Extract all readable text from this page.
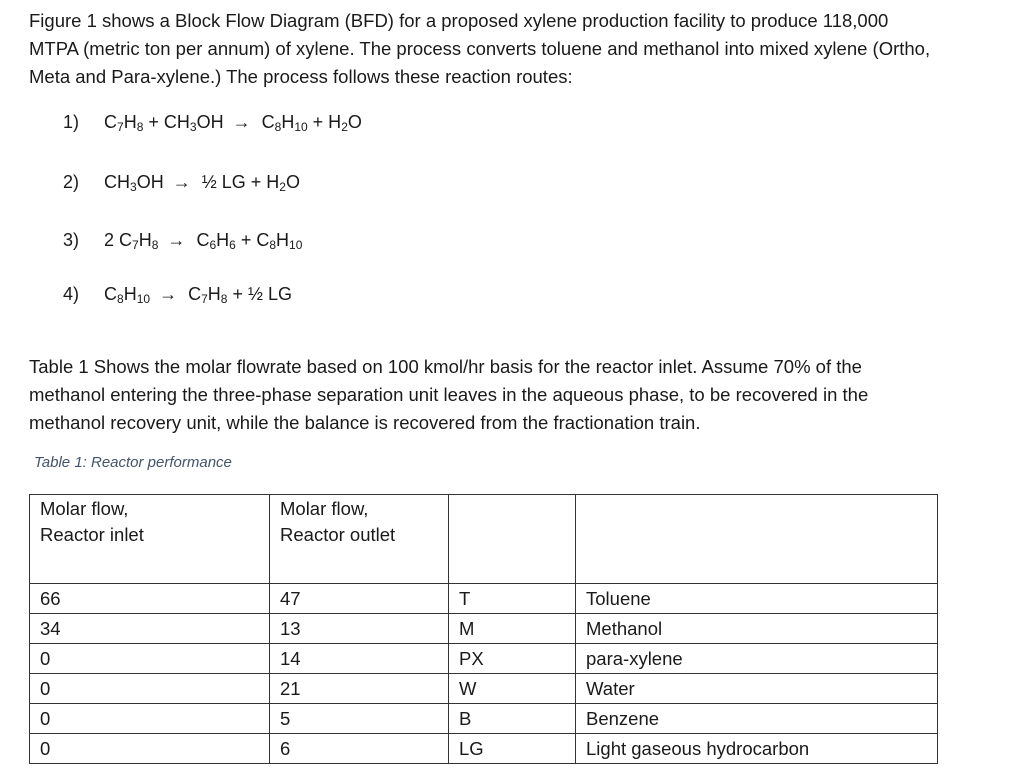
Figure 1 shows a Block Flow Diagram (BFD) for a proposed xylene production facility to produce 118,000 MTPA (metric ton per annum) of xylene. The process converts toluene and methanol into mixed xylene (Ortho, Meta and Para-xylene.) The process follows these reaction routes:

1) $C_7H_8 + CH_3OH \to C_8H_{10} + H_2O$
2) $CH_3OH$ → ½ LG + $H_2O$
3) 2 $C_7H_8 \to C_6H_6 + C_8H_{10}$
4) $C_8H_{10} \to C_7H_8$ + ½ LG

Table 1 Shows the molar flowrate based on 100 kmol/hr basis for the reactor inlet. Assume 70% of the methanol entering the three-phase separation unit leaves in the aqueous phase, to be recovered in the methanol recovery unit, while the balance is recovered from the fractionation train.

Table 1: Reactor performance

Molar flow,
Reactor inlet	Molar flow,
Reactor outlet		

66	47	T	Toluene
34	13	M	Methanol
0	14	PX	para-xylene
0	21	W	Water
0	5	B	Benzene
0	6	LG	Light gaseous hydrocarbon
